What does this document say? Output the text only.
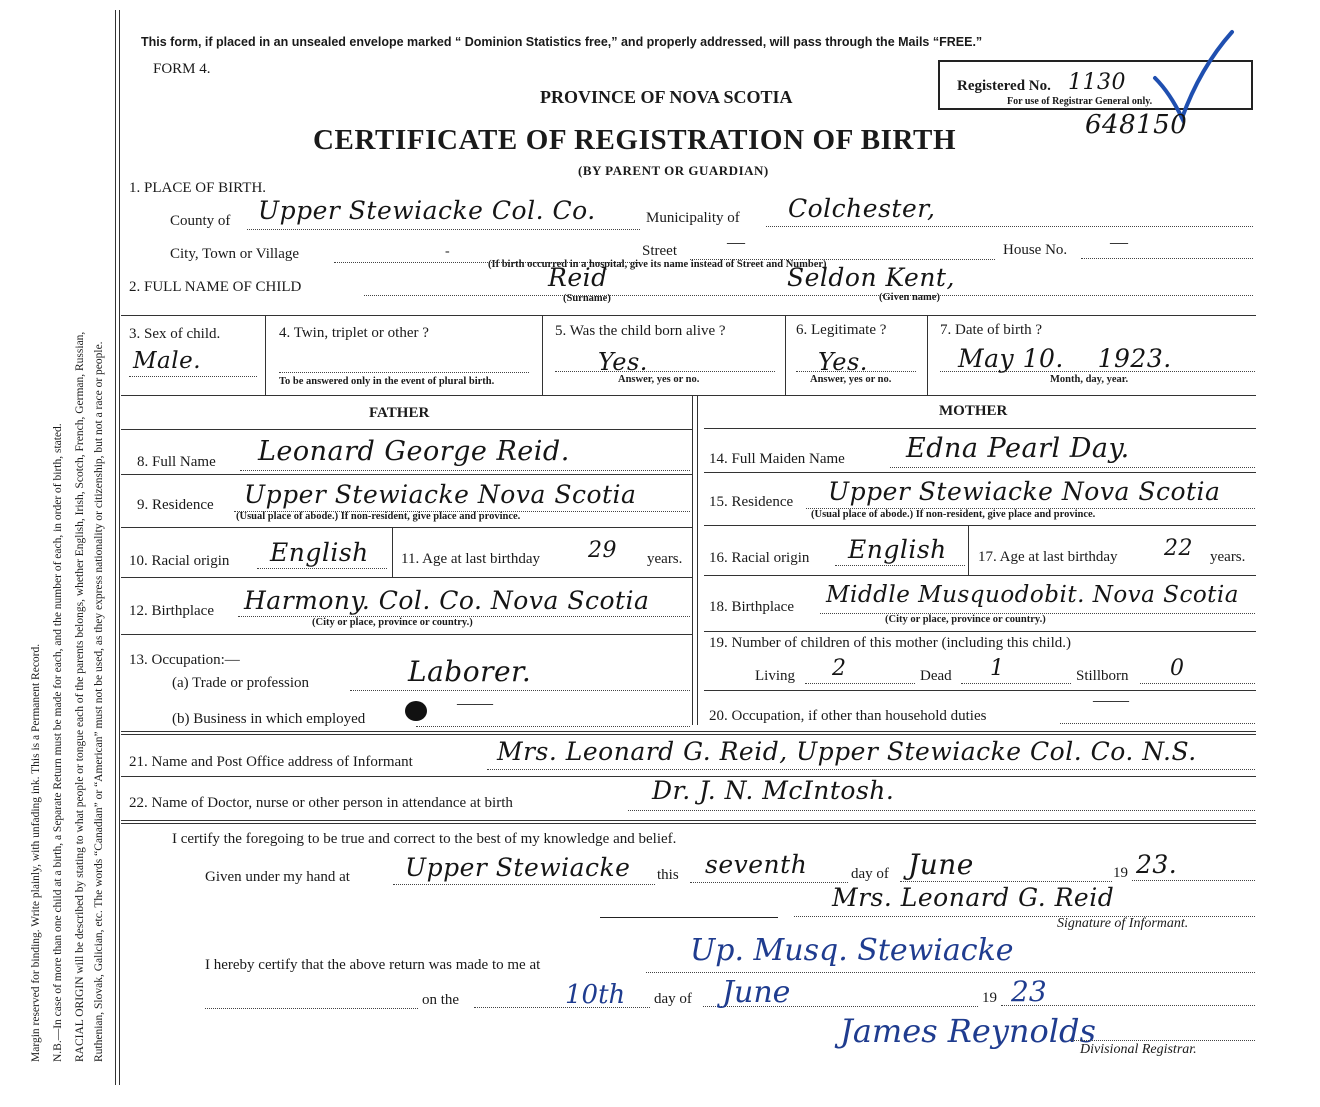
Margin reserved for binding. Write plainly, with unfading ink. This is a Permanent Record. N.B.—In case of more than one child at a birth, a Separate Return must be made for each, and the number of each, in order of birth, stated. RACIAL ORIGIN will be described by stating to what people or tongue each of the parents belongs, whether English, Irish, Scotch, French, German, Russian, Ruthenian, Slovak, Galician, etc. The words “Canadian” or “American” must not be used, as they express nationality or citizenship, but not a race or people.
This form, if placed in an unsealed envelope marked “ Dominion Statistics free,” and properly addressed, will pass through the Mails “FREE.”
FORM 4.
PROVINCE OF NOVA SCOTIA
CERTIFICATE OF REGISTRATION OF BIRTH
(BY PARENT OR GUARDIAN)
Registered No. 1130
For use of Registrar General only.
648150
1. PLACE OF BIRTH.
County of Upper Stewiacke Col. Co.	Municipality of Colchester,
City, Town or Village	-	Street	—	House No. —
(If birth occurred in a hospital, give its name instead of Street and Number)
2. FULL NAME OF CHILD	Reid
(Surname)
Seldon Kent,
(Given name)
3. Sex of child.
Male.
4. Twin, triplet or other ?
To be answered only in the event of plural birth.
5. Was the child born alive ?
Yes.
Answer, yes or no.
6. Legitimate ?
Yes.
Answer, yes or no.
7. Date of birth ?
May 10.    1923.
Month, day, year.
FATHER	MOTHER
8. Full Name Leonard George Reid.
9. Residence Upper Stewiacke Nova Scotia
(Usual place of abode.) If non-resident, give place and province.
10. Racial origin English 11. Age at last birthday 29 years.
12. Birthplace Harmony. Col. Co. Nova Scotia
(City or place, province or country.)
13. Occupation:—
(a) Trade or profession	Laborer.
(b) Business in which employed
——
14. Full Maiden Name Edna Pearl Day.
15. Residence Upper Stewiacke Nova Scotia
(Usual place of abode.) If non-resident, give place and province.
16. Racial origin English 17. Age at last birthday 22 years.
18. Birthplace Middle Musquodobit. Nova Scotia
(City or place, province or country.)
19. Number of children of this mother (including this child.)
Living 2	Dead 1	Stillborn 0
20. Occupation, if other than household duties
——
21. Name and Post Office address of Informant	Mrs. Leonard G. Reid, Upper Stewiacke Col. Co. N.S.
22. Name of Doctor, nurse or other person in attendance at birth	Dr. J. N. McIntosh.
I certify the foregoing to be true and correct to the best of my knowledge and belief.
Given under my hand at Upper Stewiacke this seventh	day of June	19 23.
Mrs. Leonard G. Reid
Signature of Informant.
I hereby certify that the above return was made to me at	Up. Musq. Stewiacke
on the	10th day of June	19 23
James Reynolds
Divisional Registrar.
